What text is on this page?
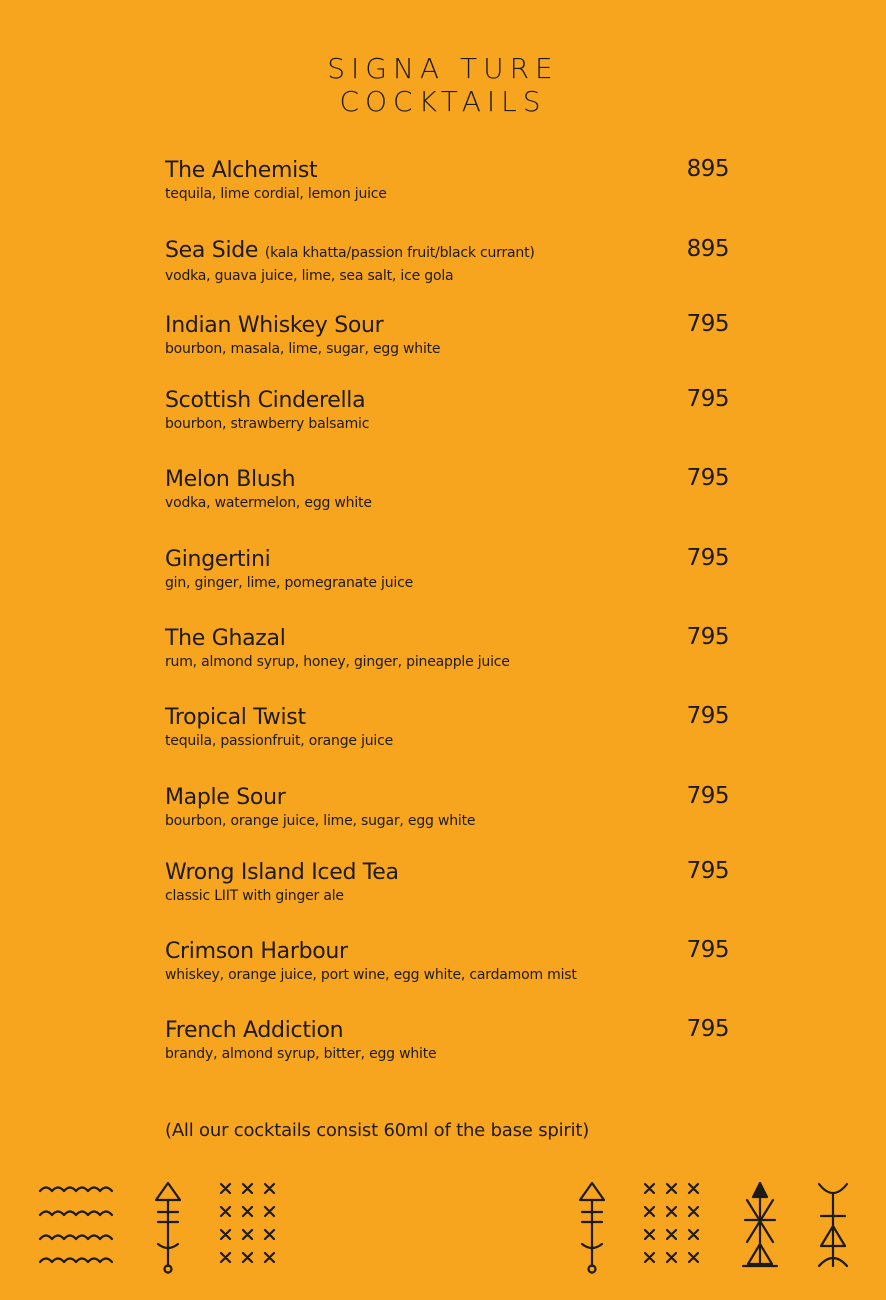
SIGNA TURE
COCKTAILS
The Alchemist
tequila, lime cordial, lemon juice
895
Sea Side (kala khatta/passion fruit/black currant)
vodka, guava juice, lime, sea salt, ice gola
895
Indian Whiskey Sour
bourbon, masala, lime, sugar, egg white
795
Scottish Cinderella
bourbon, strawberry balsamic
795
Melon Blush
vodka, watermelon, egg white
795
Gingertini
gin, ginger, lime, pomegranate juice
795
The Ghazal
rum, almond syrup, honey, ginger, pineapple juice
795
Tropical Twist
tequila, passionfruit, orange juice
795
Maple Sour
bourbon, orange juice, lime, sugar, egg white
795
Wrong Island Iced Tea
classic LIIT with ginger ale
795
Crimson Harbour
whiskey, orange juice, port wine, egg white, cardamom mist
795
French Addiction
brandy, almond syrup, bitter, egg white
795
(All our cocktails consist 60ml of the base spirit)
